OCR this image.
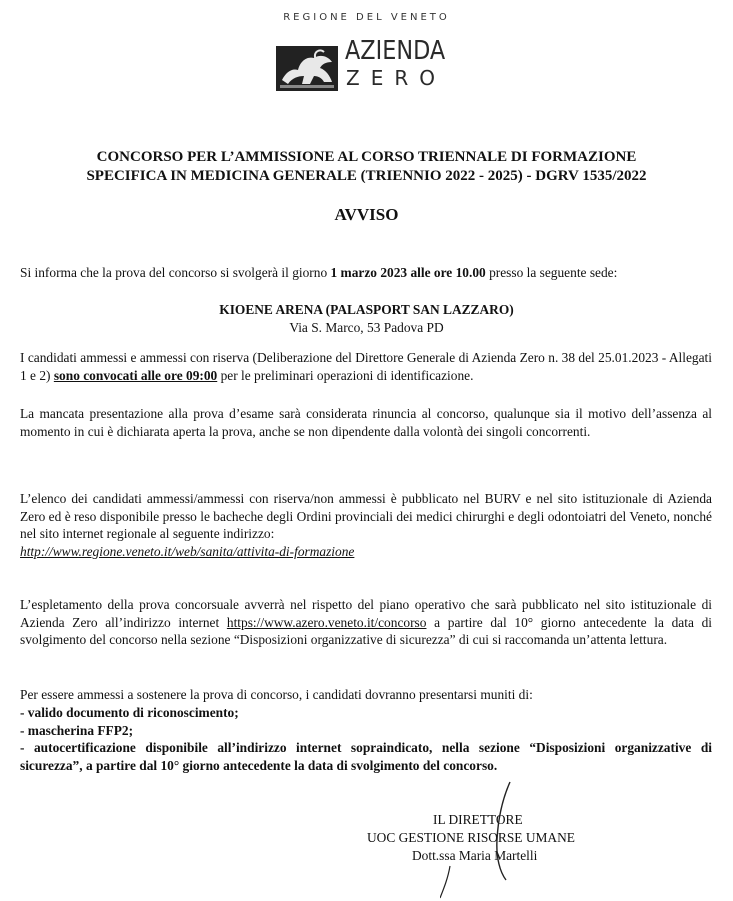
REGIONE DEL VENETO
AZIENDA
ZERO
CONCORSO PER L’AMMISSIONE AL CORSO TRIENNALE DI FORMAZIONE
SPECIFICA IN MEDICINA GENERALE (TRIENNIO 2022 - 2025) - DGRV 1535/2022
AVVISO
Si informa che la prova del concorso si svolgerà il giorno 1 marzo 2023 alle ore 10.00 presso la seguente sede:
KIOENE ARENA (PALASPORT SAN LAZZARO)
Via S. Marco, 53 Padova PD
I candidati ammessi e ammessi con riserva (Deliberazione del Direttore Generale di Azienda Zero n. 38 del 25.01.2023 - Allegati 1 e 2) sono convocati alle ore 09:00 per le preliminari operazioni di identificazione.
La mancata presentazione alla prova d’esame sarà considerata rinuncia al concorso, qualunque sia il motivo dell’assenza al momento in cui è dichiarata aperta la prova, anche se non dipendente dalla volontà dei singoli concorrenti.
L’elenco dei candidati ammessi/ammessi con riserva/non ammessi è pubblicato nel BURV e nel sito istituzionale di Azienda Zero ed è reso disponibile presso le bacheche degli Ordini provinciali dei medici chirurghi e degli odontoiatri del Veneto, nonché nel sito internet regionale al seguente indirizzo:
http://www.regione.veneto.it/web/sanita/attivita-di-formazione
L’espletamento della prova concorsuale avverrà nel rispetto del piano operativo che sarà pubblicato nel sito istituzionale di Azienda Zero all’indirizzo internet https://www.azero.veneto.it/concorso a partire dal 10° giorno antecedente la data di svolgimento del concorso nella sezione “Disposizioni organizzative di sicurezza” di cui si raccomanda un’attenta lettura.
Per essere ammessi a sostenere la prova di concorso, i candidati dovranno presentarsi muniti di:
- valido documento di riconoscimento;
- mascherina FFP2;
- autocertificazione disponibile all’indirizzo internet sopraindicato, nella sezione “Disposizioni organizzative di sicurezza”, a partire dal 10° giorno antecedente la data di svolgimento del concorso.
IL DIRETTORE
UOC GESTIONE RISORSE UMANE
Dott.ssa Maria Martelli
